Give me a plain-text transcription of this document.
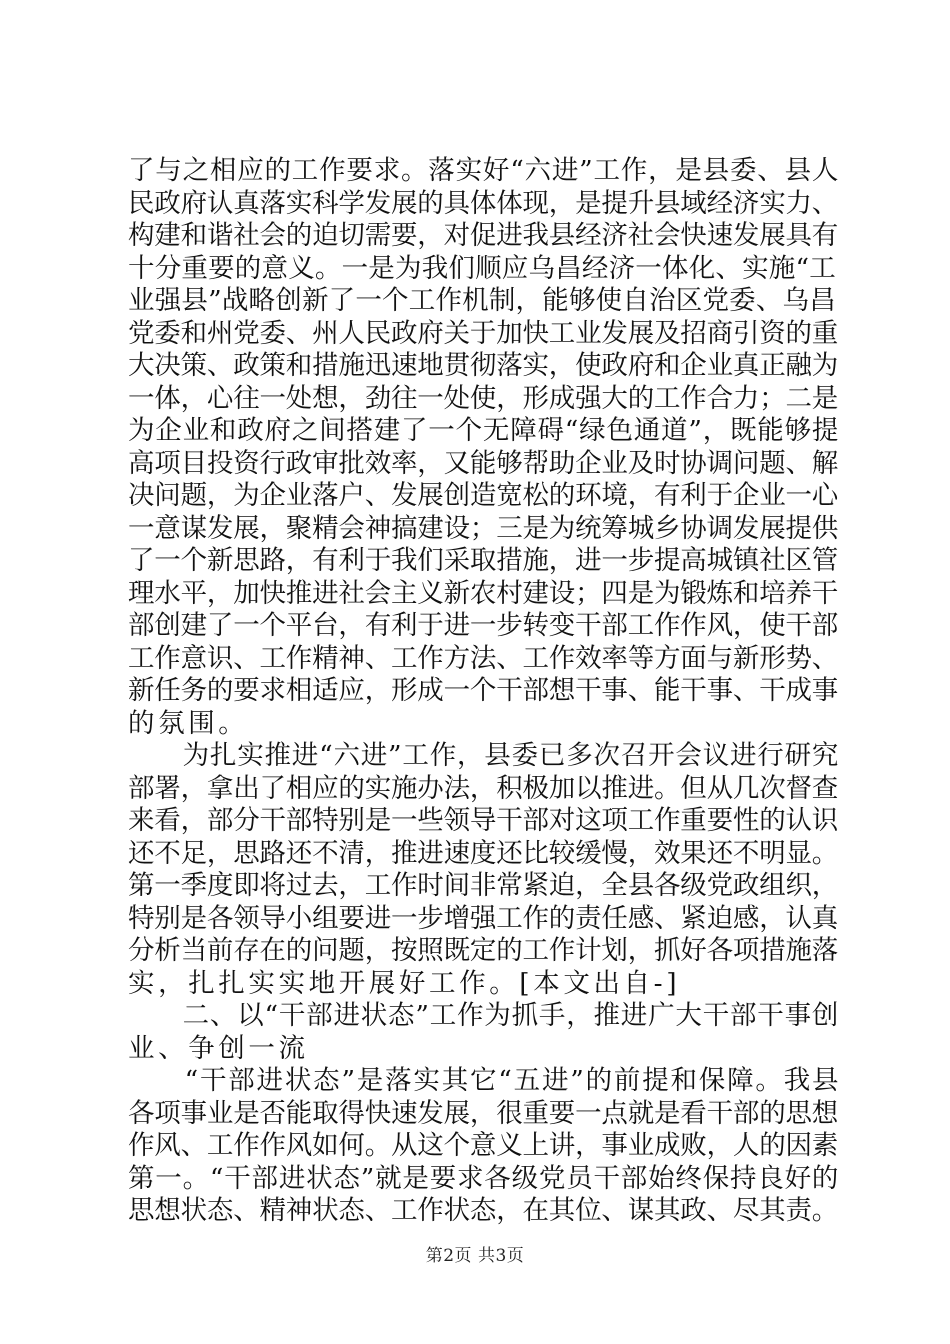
了与之相应的工作要求。落实好“六进”工作，是县委、县人
民政府认真落实科学发展的具体体现，是提升县域经济实力、
构建和谐社会的迫切需要，对促进我县经济社会快速发展具有
十分重要的意义。一是为我们顺应乌昌经济一体化、实施“工
业强县”战略创新了一个工作机制，能够使自治区党委、乌昌
党委和州党委、州人民政府关于加快工业发展及招商引资的重
大决策、政策和措施迅速地贯彻落实，使政府和企业真正融为
一体，心往一处想，劲往一处使，形成强大的工作合力；二是
为企业和政府之间搭建了一个无障碍“绿色通道”，既能够提
高项目投资行政审批效率，又能够帮助企业及时协调问题、解
决问题，为企业落户、发展创造宽松的环境，有利于企业一心
一意谋发展，聚精会神搞建设；三是为统筹城乡协调发展提供
了一个新思路，有利于我们采取措施，进一步提高城镇社区管
理水平，加快推进社会主义新农村建设；四是为锻炼和培养干
部创建了一个平台，有利于进一步转变干部工作作风，使干部
工作意识、工作精神、工作方法、工作效率等方面与新形势、
新任务的要求相适应，形成一个干部想干事、能干事、干成事
的氛围。
　　为扎实推进“六进”工作，县委已多次召开会议进行研究
部署，拿出了相应的实施办法，积极加以推进。但从几次督查
来看，部分干部特别是一些领导干部对这项工作重要性的认识
还不足，思路还不清，推进速度还比较缓慢，效果还不明显。
第一季度即将过去，工作时间非常紧迫，全县各级党政组织，
特别是各领导小组要进一步增强工作的责任感、紧迫感，认真
分析当前存在的问题，按照既定的工作计划，抓好各项措施落
实，扎扎实实地开展好工作。[本文出自-]
　　二、以“干部进状态”工作为抓手，推进广大干部干事创
业、争创一流
　　“干部进状态”是落实其它“五进”的前提和保障。我县
各项事业是否能取得快速发展，很重要一点就是看干部的思想
作风、工作作风如何。从这个意义上讲，事业成败，人的因素
第一。“干部进状态”就是要求各级党员干部始终保持良好的
思想状态、精神状态、工作状态，在其位、谋其政、尽其责。
第2页 共3页
